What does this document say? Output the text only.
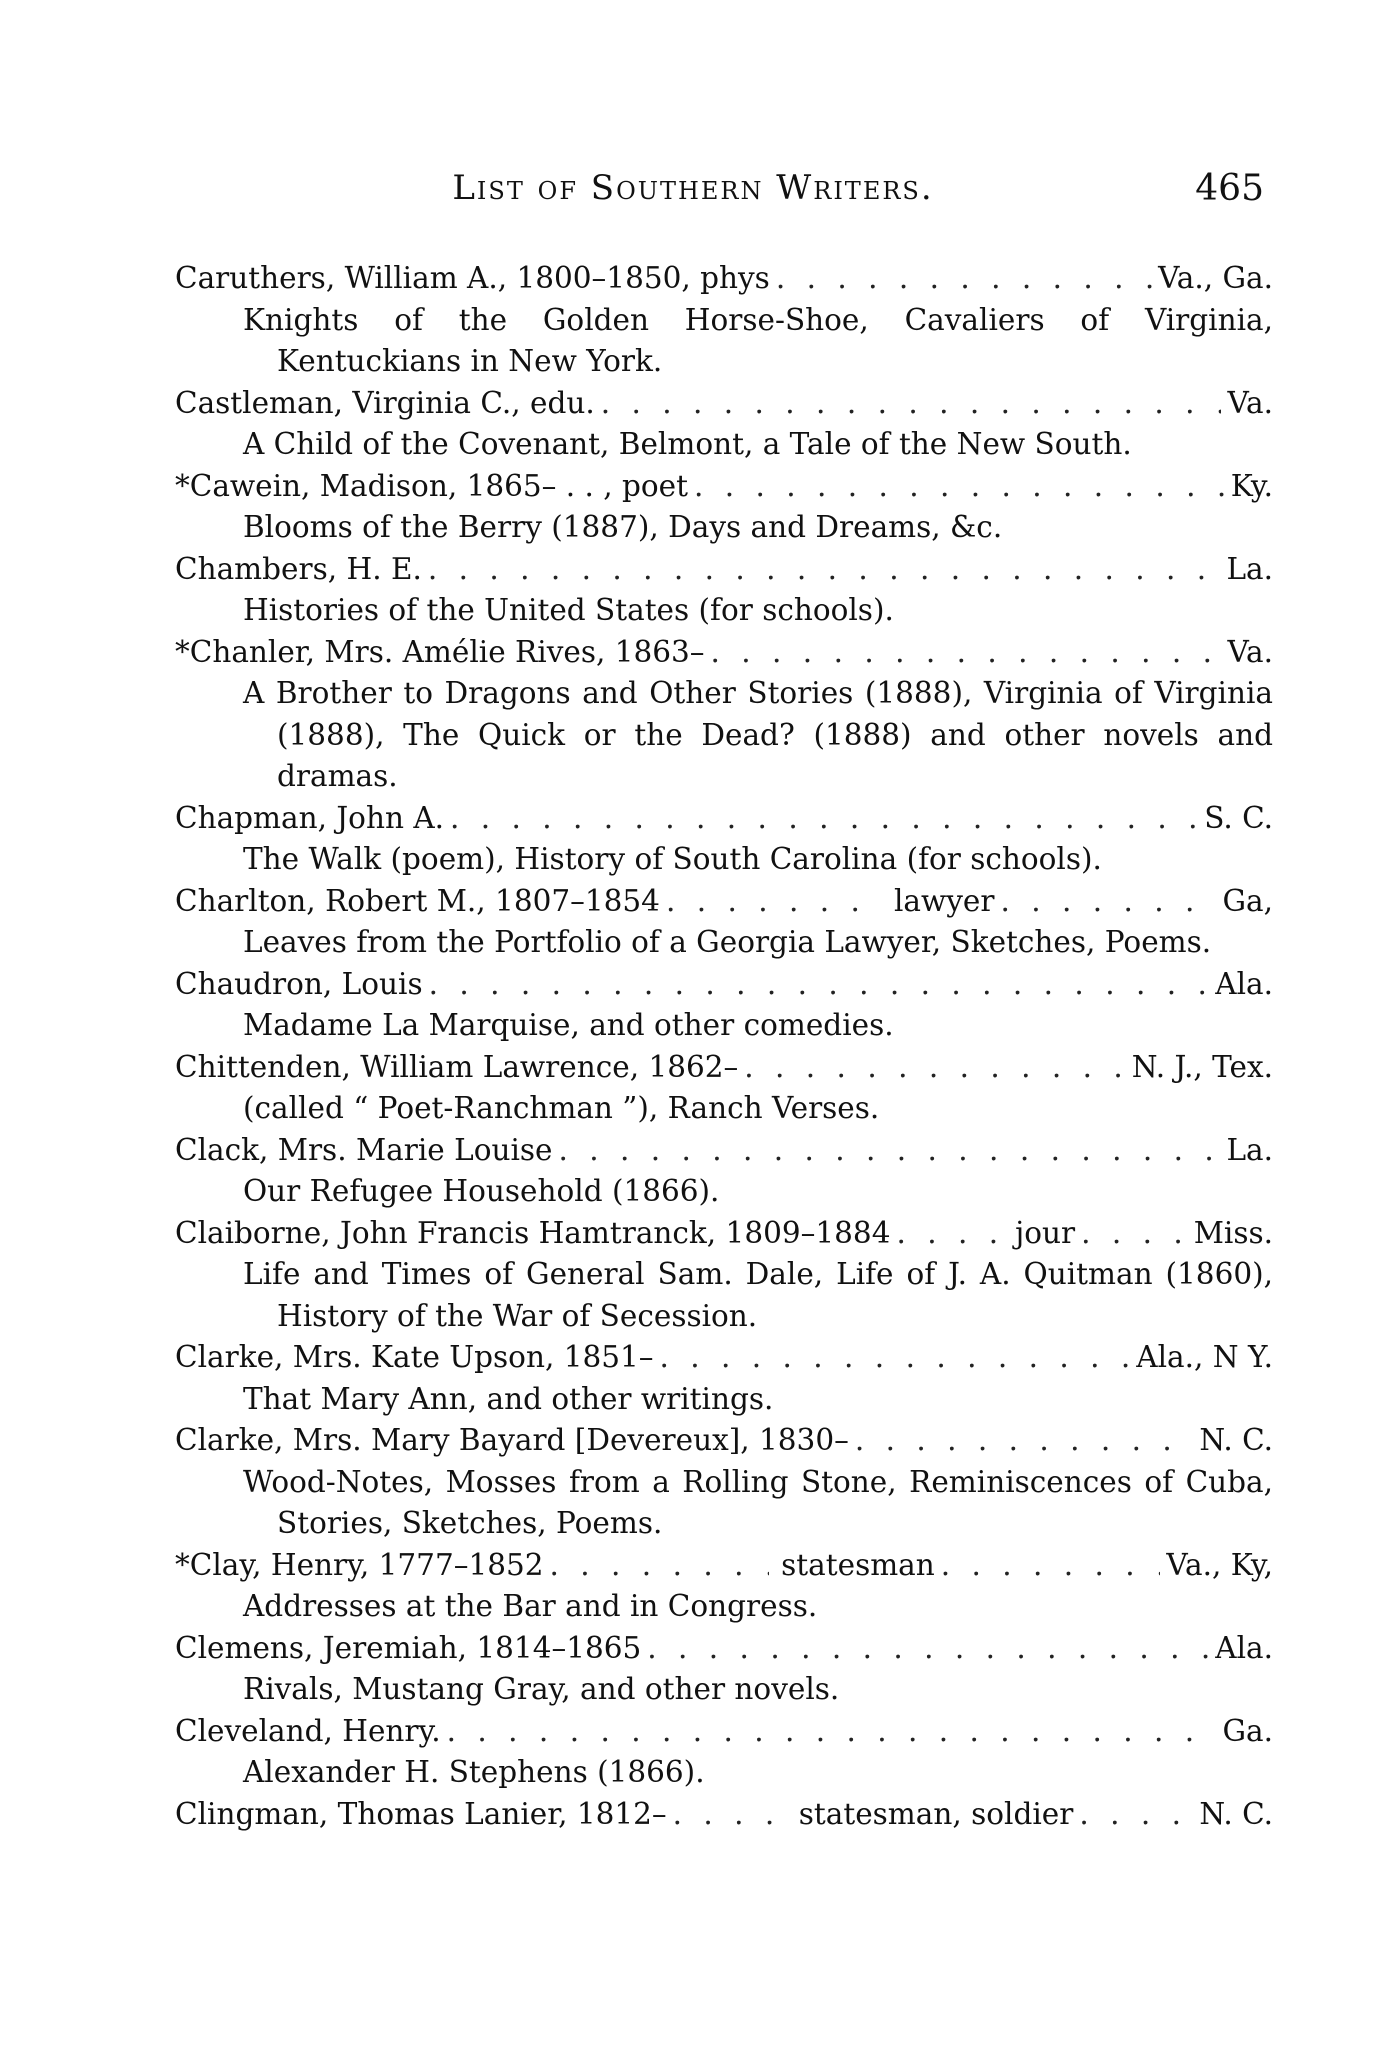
List of Southern Writers.	465
Caruthers, William A., 1800–1850, phys . . .	Va., Ga.
Knights of the Golden Horse-Shoe, Cavaliers of Virginia, Kentuckians in New York.
Castleman, Virginia C., edu. . . .	Va.
A Child of the Covenant, Belmont, a Tale of the New South.
*Cawein, Madison, 1865– . . , poet . . .	Ky.
Blooms of the Berry (1887), Days and Dreams, &c.
Chambers, H. E. . . .	La.
Histories of the United States (for schools).
*Chanler, Mrs. Amélie Rives, 1863– . . .	Va.
A Brother to Dragons and Other Stories (1888), Virginia of Virginia (1888), The Quick or the Dead? (1888) and other novels and dramas.
Chapman, John A. . . .	S. C.
The Walk (poem), History of South Carolina (for schools).
Charlton, Robert M., 1807–1854 . . .	lawyer . . .	Ga,
Leaves from the Portfolio of a Georgia Lawyer, Sketches, Poems.
Chaudron, Louis . . .	Ala.
Madame La Marquise, and other comedies.
Chittenden, William Lawrence, 1862– . . .	N. J., Tex.
(called “ Poet-Ranchman ”), Ranch Verses.
Clack, Mrs. Marie Louise . . .	La.
Our Refugee Household (1866).
Claiborne, John Francis Hamtranck, 1809–1884 . . .	jour . . .	Miss.
Life and Times of General Sam. Dale, Life of J. A. Quitman (1860), History of the War of Secession.
Clarke, Mrs. Kate Upson, 1851– . . .	Ala., N Y.
That Mary Ann, and other writings.
Clarke, Mrs. Mary Bayard [Devereux], 1830– . . .	N. C.
Wood-Notes, Mosses from a Rolling Stone, Reminiscences of Cuba, Stories, Sketches, Poems.
*Clay, Henry, 1777–1852 . . .	statesman . . .	Va., Ky,
Addresses at the Bar and in Congress.
Clemens, Jeremiah, 1814–1865 . . .	Ala.
Rivals, Mustang Gray, and other novels.
Cleveland, Henry. . . .	Ga.
Alexander H. Stephens (1866).
Clingman, Thomas Lanier, 1812– . . .	statesman, soldier . . .	N. C.
